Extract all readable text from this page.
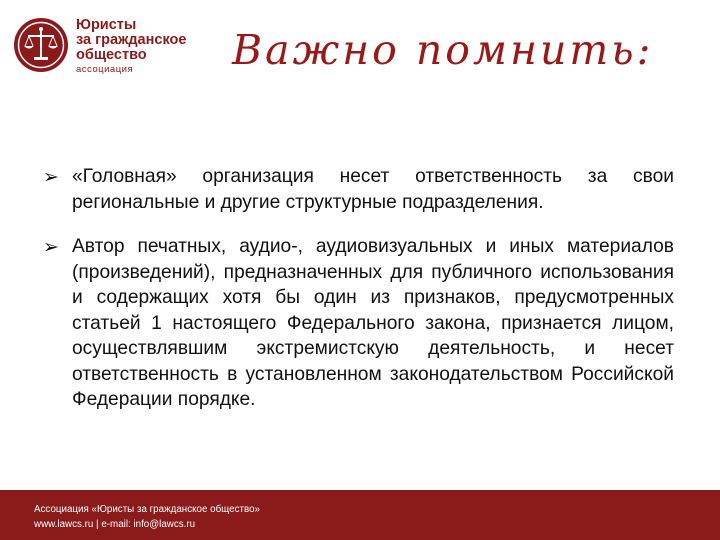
Юристы
за гражданское
общество
ассоциация	Важно помнить:
➢ «Головная» организация несет ответственность за свои региональные и другие структурные подразделения.
➢ Автор печатных, аудио-, аудиовизуальных и иных материалов (произведений), предназначенных для публичного использования и содержащих хотя бы один из признаков, предусмотренных статьей 1 настоящего Федерального закона, признается лицом, осуществлявшим экстремистскую деятельность, и несет ответственность в установленном законодательством Российской Федерации порядке.
Ассоциация «Юристы за гражданское общество»
www.lawcs.ru | e-mail: info@lawcs.ru
